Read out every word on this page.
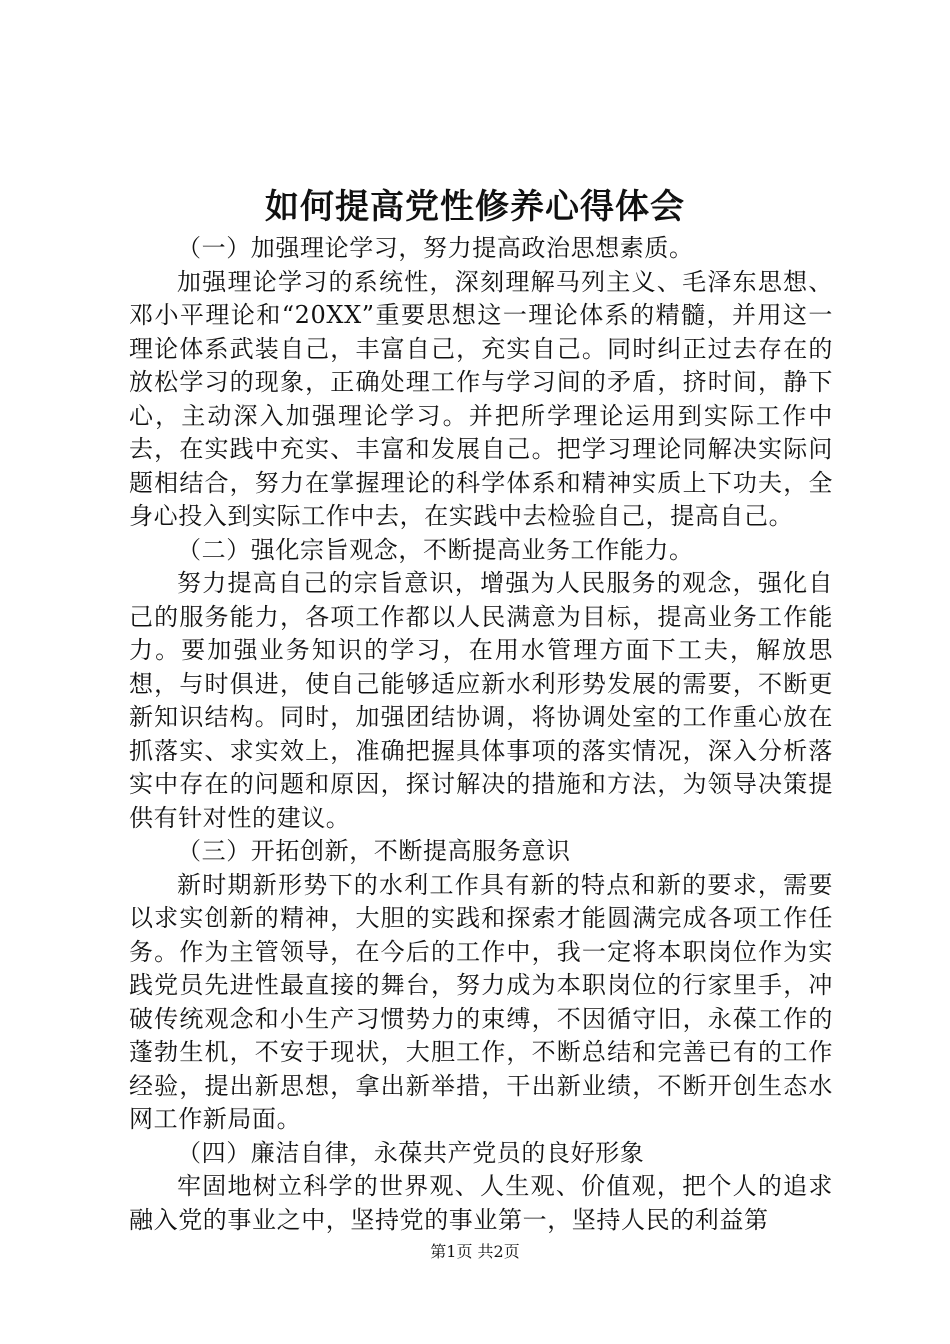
如何提高党性修养心得体会

（一）加强理论学习，努力提高政治思想素质。

加强理论学习的系统性，深刻理解马列主义、毛泽东思想、邓小平理论和“20XX”重要思想这一理论体系的精髓，并用这一理论体系武装自己，丰富自己，充实自己。同时纠正过去存在的放松学习的现象，正确处理工作与学习间的矛盾，挤时间，静下心，主动深入加强理论学习。并把所学理论运用到实际工作中去，在实践中充实、丰富和发展自己。把学习理论同解决实际问题相结合，努力在掌握理论的科学体系和精神实质上下功夫，全身心投入到实际工作中去，在实践中去检验自己，提高自己。

（二）强化宗旨观念，不断提高业务工作能力。

努力提高自己的宗旨意识，增强为人民服务的观念，强化自己的服务能力，各项工作都以人民满意为目标，提高业务工作能力。要加强业务知识的学习，在用水管理方面下工夫，解放思想，与时俱进，使自己能够适应新水利形势发展的需要，不断更新知识结构。同时，加强团结协调，将协调处室的工作重心放在抓落实、求实效上，准确把握具体事项的落实情况，深入分析落实中存在的问题和原因，探讨解决的措施和方法，为领导决策提供有针对性的建议。

（三）开拓创新，不断提高服务意识

新时期新形势下的水利工作具有新的特点和新的要求，需要以求实创新的精神，大胆的实践和探索才能圆满完成各项工作任务。作为主管领导，在今后的工作中，我一定将本职岗位作为实践党员先进性最直接的舞台，努力成为本职岗位的行家里手，冲破传统观念和小生产习惯势力的束缚，不因循守旧，永葆工作的蓬勃生机，不安于现状，大胆工作，不断总结和完善已有的工作经验，提出新思想，拿出新举措，干出新业绩，不断开创生态水网工作新局面。

（四）廉洁自律，永葆共产党员的良好形象

牢固地树立科学的世界观、人生观、价值观，把个人的追求融入党的事业之中，坚持党的事业第一，坚持人民的利益第

第1页 共2页
